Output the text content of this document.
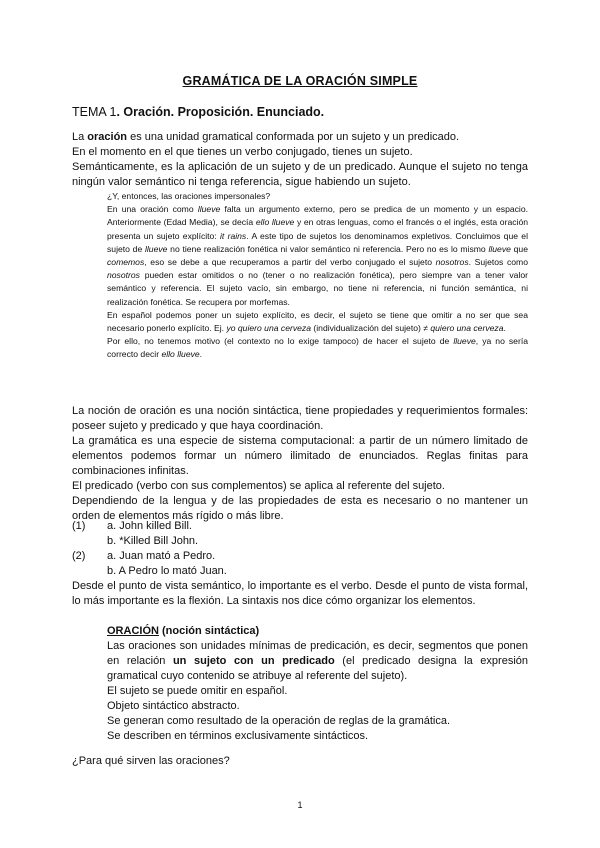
GRAMÁTICA DE LA ORACIÓN SIMPLE
TEMA 1. Oración. Proposición. Enunciado.

La oración es una unidad gramatical conformada por un sujeto y un predicado.

En el momento en el que tienes un verbo conjugado, tienes un sujeto.

Semánticamente, es la aplicación de un sujeto y de un predicado. Aunque el sujeto no tenga ningún valor semántico ni tenga referencia, sigue habiendo un sujeto.

¿Y, entonces, las oraciones impersonales?

En una oración como llueve falta un argumento externo, pero se predica de un momento y un espacio. Anteriormente (Edad Media), se decía ello llueve y en otras lenguas, como el francés o el inglés, esta oración presenta un sujeto explícito: it rains. A este tipo de sujetos los denominamos expletivos. Concluimos que el sujeto de llueve no tiene realización fonética ni valor semántico ni referencia. Pero no es lo mismo llueve que comemos, eso se debe a que recuperamos a partir del verbo conjugado el sujeto nosotros. Sujetos como nosotros pueden estar omitidos o no (tener o no realización fonética), pero siempre van a tener valor semántico y referencia. El sujeto vacío, sin embargo, no tiene ni referencia, ni función semántica, ni realización fonética. Se recupera por morfemas.

En español podemos poner un sujeto explícito, es decir, el sujeto se tiene que omitir a no ser que sea necesario ponerlo explícito. Ej. yo quiero una cerveza (individualización del sujeto) ≠ quiero una cerveza.

Por ello, no tenemos motivo (el contexto no lo exige tampoco) de hacer el sujeto de llueve, ya no sería correcto decir ello llueve.

La noción de oración es una noción sintáctica, tiene propiedades y requerimientos formales: poseer sujeto y predicado y que haya coordinación.

La gramática es una especie de sistema computacional: a partir de un número limitado de elementos podemos formar un número ilimitado de enunciados. Reglas finitas para combinaciones infinitas.

El predicado (verbo con sus complementos) se aplica al referente del sujeto.

Dependiendo de la lengua y de las propiedades de esta es necesario o no mantener un orden de elementos más rígido o más libre.

(1) a. John killed Bill.
b. *Killed Bill John.
(2) a. Juan mató a Pedro.
b. A Pedro lo mató Juan.

Desde el punto de vista semántico, lo importante es el verbo. Desde el punto de vista formal, lo más importante es la flexión. La sintaxis nos dice cómo organizar los elementos.

ORACIÓN (noción sintáctica)

Las oraciones son unidades mínimas de predicación, es decir, segmentos que ponen en relación un sujeto con un predicado (el predicado designa la expresión gramatical cuyo contenido se atribuye al referente del sujeto).

El sujeto se puede omitir en español.

Objeto sintáctico abstracto.

Se generan como resultado de la operación de reglas de la gramática.

Se describen en términos exclusivamente sintácticos.

¿Para qué sirven las oraciones?

1
